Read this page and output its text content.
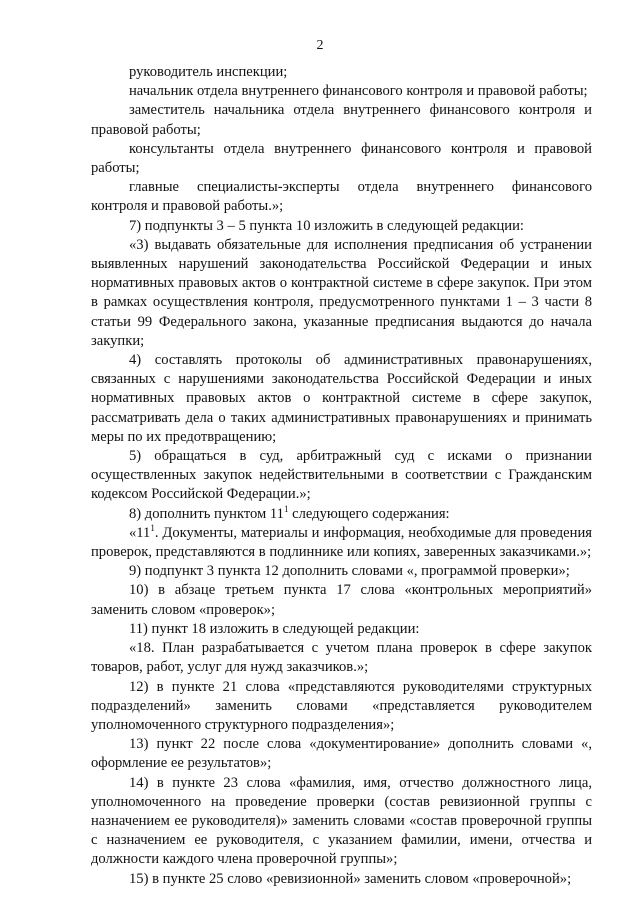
2

руководитель инспекции;

начальник отдела внутреннего финансового контроля и правовой работы;

заместитель начальника отдела внутреннего финансового контроля и правовой работы;

консультанты отдела внутреннего финансового контроля и правовой работы;

главные специалисты-эксперты отдела внутреннего финансового контроля и правовой работы.»;

7) подпункты 3 – 5 пункта 10 изложить в следующей редакции:

«3) выдавать обязательные для исполнения предписания об устранении выявленных нарушений законодательства Российской Федерации и иных нормативных правовых актов о контрактной системе в сфере закупок. При этом в рамках осуществления контроля, предусмотренного пунктами 1 – 3 части 8 статьи 99 Федерального закона, указанные предписания выдаются до начала закупки;

4) составлять протоколы об административных правонарушениях, связанных с нарушениями законодательства Российской Федерации и иных нормативных правовых актов о контрактной системе в сфере закупок, рассматривать дела о таких административных правонарушениях и принимать меры по их предотвращению;

5) обращаться в суд, арбитражный суд с исками о признании осуществленных закупок недействительными в соответствии с Гражданским кодексом Российской Федерации.»;

8) дополнить пунктом $11^1$ следующего содержания:

«$11^1$. Документы, материалы и информация, необходимые для проведения проверок, представляются в подлиннике или копиях, заверенных заказчиками.»;

9) подпункт 3 пункта 12 дополнить словами «, программой проверки»;

10) в абзаце третьем пункта 17 слова «контрольных мероприятий» заменить словом «проверок»;

11) пункт 18 изложить в следующей редакции:

«18. План разрабатывается с учетом плана проверок в сфере закупок товаров, работ, услуг для нужд заказчиков.»;

12) в пункте 21 слова «представляются руководителями структурных подразделений» заменить словами «представляется руководителем уполномоченного структурного подразделения»;

13) пункт 22 после слова «документирование» дополнить словами «, оформление ее результатов»;

14) в пункте 23 слова «фамилия, имя, отчество должностного лица, уполномоченного на проведение проверки (состав ревизионной группы с назначением ее руководителя)» заменить словами «состав проверочной группы с назначением ее руководителя, с указанием фамилии, имени, отчества и должности каждого члена проверочной группы»;

15) в пункте 25 слово «ревизионной» заменить словом «проверочной»;
